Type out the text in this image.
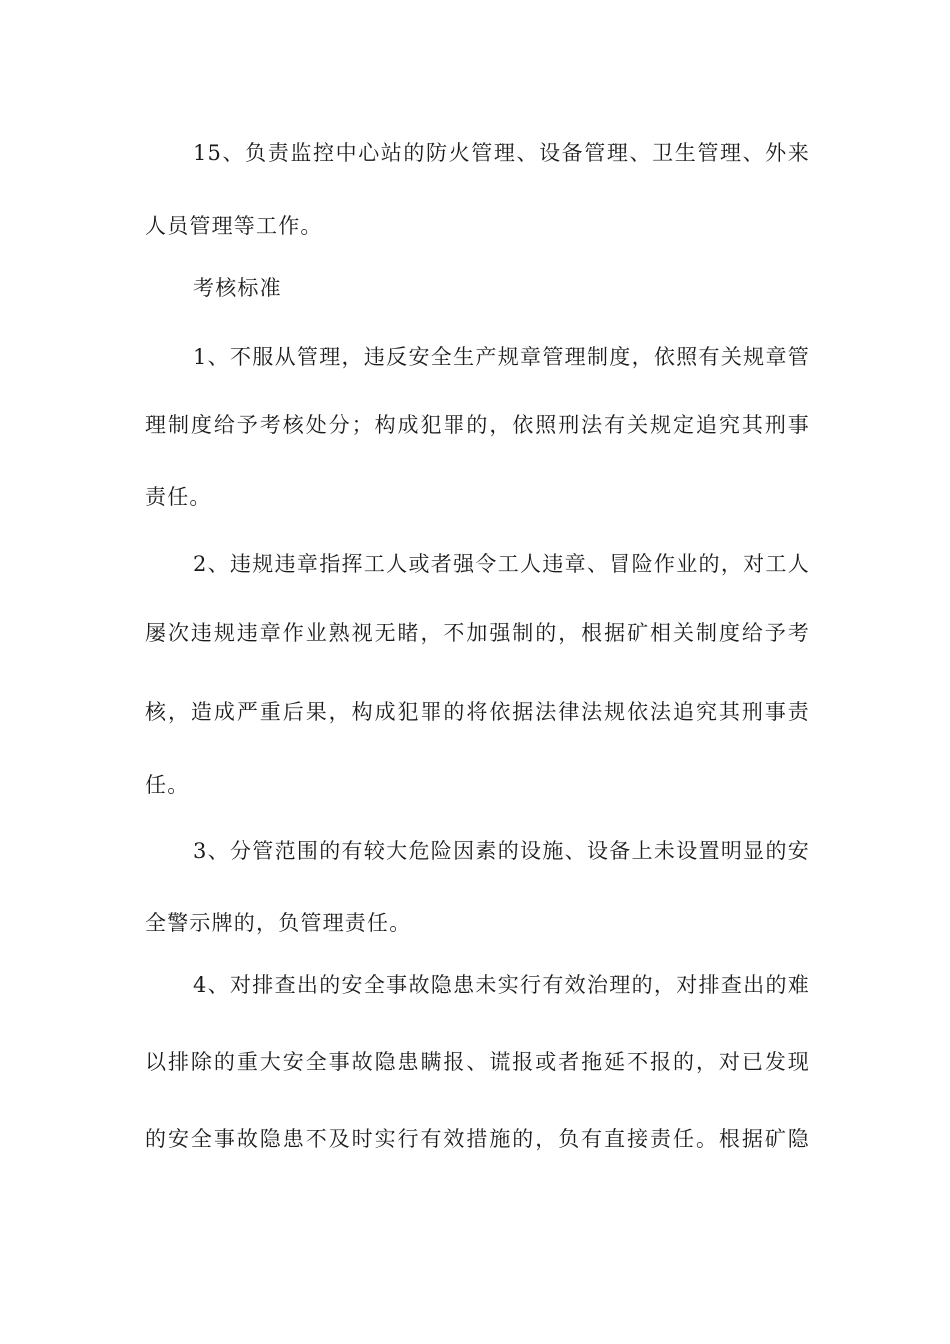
15、负责监控中心站的防火管理、设备管理、卫生管理、外来
人员管理等工作。
考核标准
1、不服从管理，违反安全生产规章管理制度，依照有关规章管
理制度给予考核处分；构成犯罪的，依照刑法有关规定追究其刑事
责任。
2、违规违章指挥工人或者强令工人违章、冒险作业的，对工人
屡次违规违章作业熟视无睹，不加强制的，根据矿相关制度给予考
核，造成严重后果，构成犯罪的将依据法律法规依法追究其刑事责
任。
3、分管范围的有较大危险因素的设施、设备上未设置明显的安
全警示牌的，负管理责任。
4、对排查出的安全事故隐患未实行有效治理的，对排查出的难
以排除的重大安全事故隐患瞒报、谎报或者拖延不报的，对已发现
的安全事故隐患不及时实行有效措施的，负有直接责任。根据矿隐
